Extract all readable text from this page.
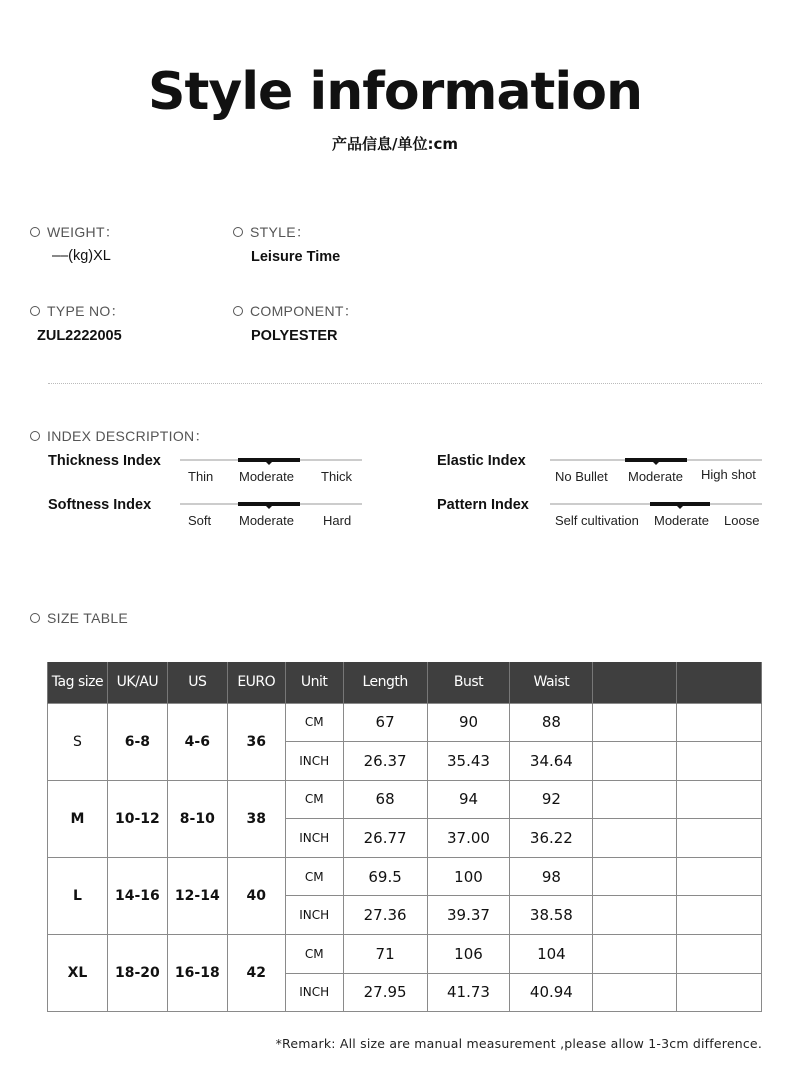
Style information
产品信息/单位:cm
WEIGHT：
––(kg)XL
STYLE：
Leisure Time
TYPE NO：
ZUL2222005
COMPONENT：
POLYESTER
INDEX DESCRIPTION：
Thickness Index
Thin Moderate Thick
Elastic Index
No Bullet Moderate High shot
Softness Index
Soft Moderate Hard
Pattern Index
Self cultivation Moderate Loose
SIZE TABLE
Tag size	UK/AU	US	EURO	Unit	Length	Bust	Waist		
S	6-8	4-6	36	CM	67	90	88		
				INCH	26.37	35.43	34.64		
M	10-12	8-10	38	CM	68	94	92		
				INCH	26.77	37.00	36.22		
L	14-16	12-14	40	CM	69.5	100	98		
				INCH	27.36	39.37	38.58		
XL	18-20	16-18	42	CM	71	106	104		
				INCH	27.95	41.73	40.94		
*Remark: All size are manual measurement ,please allow 1-3cm difference.
